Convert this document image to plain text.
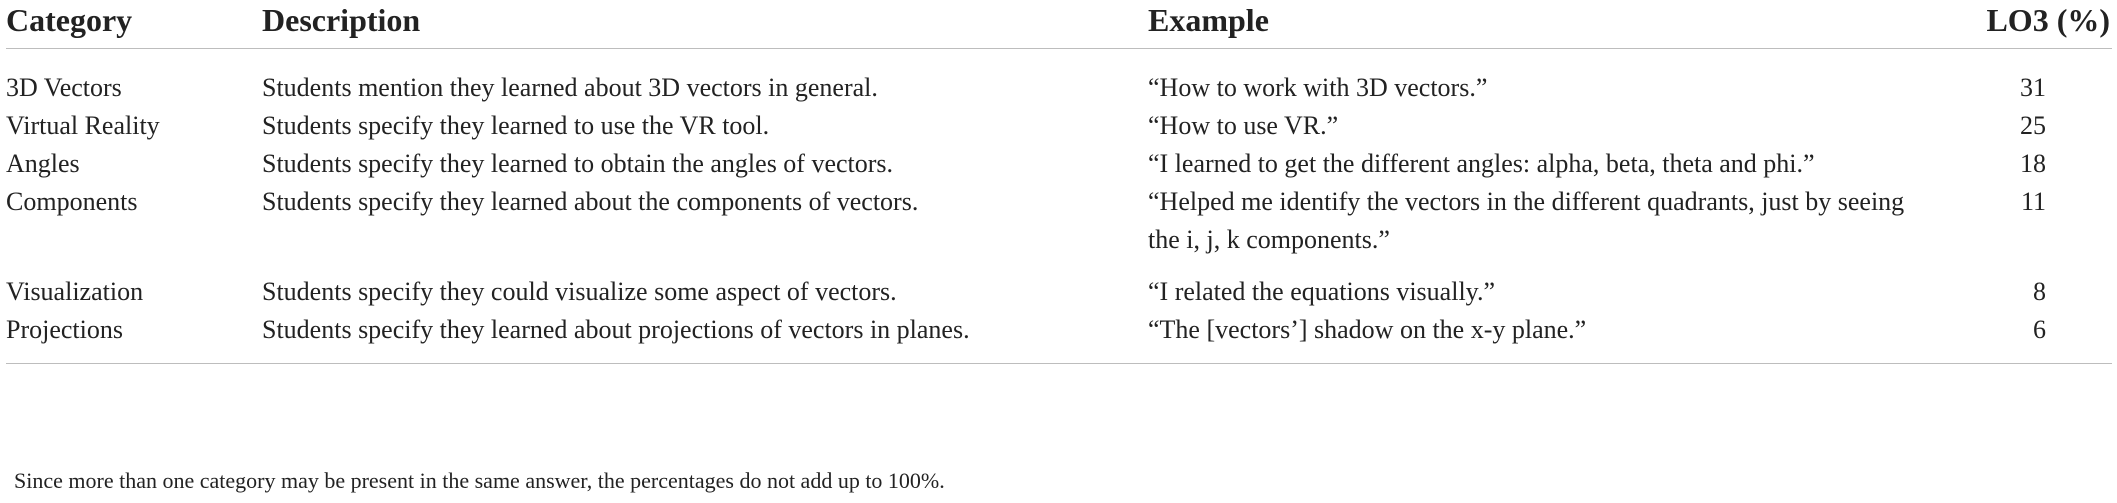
Category	Description	Example	LO3 (%)
3D Vectors	Students mention they learned about 3D vectors in general.	“How to work with 3D vectors.”	31
Virtual Reality	Students specify they learned to use the VR tool.	“How to use VR.”	25
Angles	Students specify they learned to obtain the angles of vectors.	“I learned to get the different angles: alpha, beta, theta and phi.”	18
Components	Students specify they learned about the components of vectors.	“Helped me identify the vectors in the different quadrants, just by seeing the i, j, k components.”	11
Visualization	Students specify they could visualize some aspect of vectors.	“I related the equations visually.”	8
Projections	Students specify they learned about projections of vectors in planes.	“The [vectors’] shadow on the x-y plane.”	6
Since more than one category may be present in the same answer, the percentages do not add up to 100%.
